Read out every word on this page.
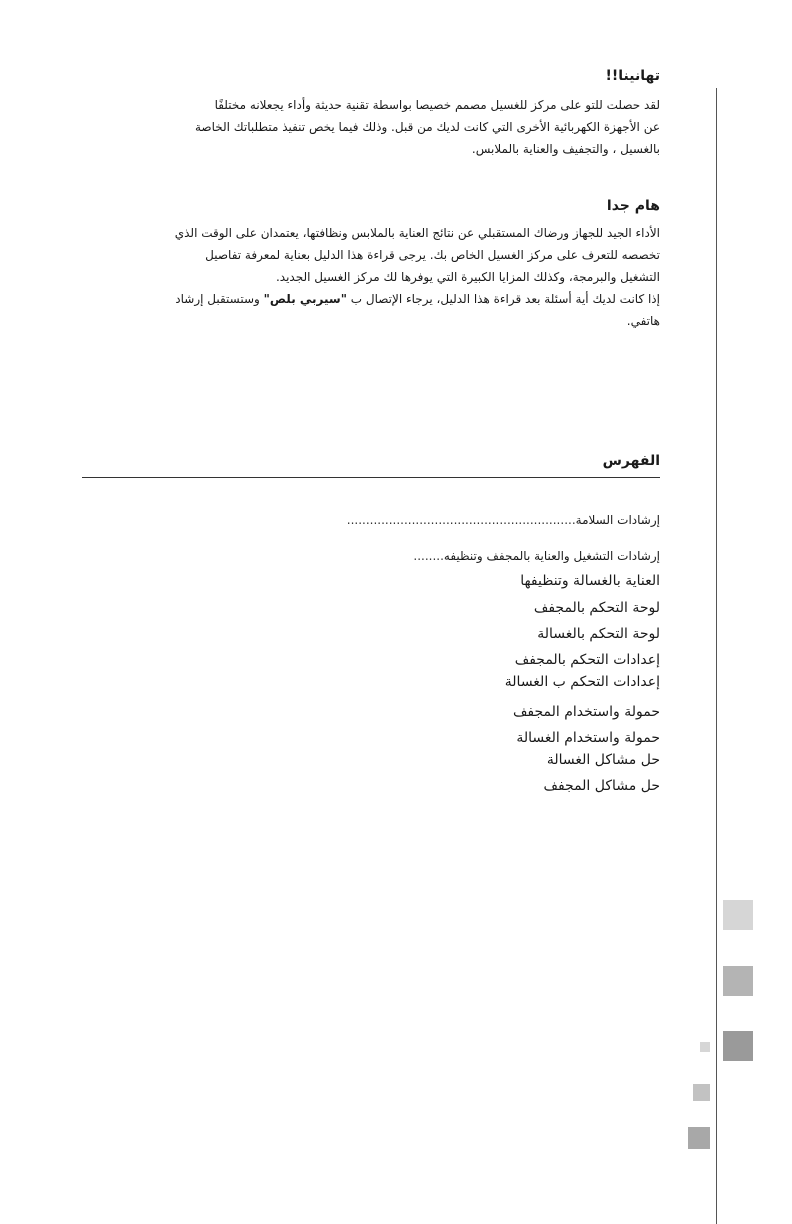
تهانينا!!

لقد حصلت للتو على مركز للغسيل مصمم خصيصا بواسطة تقنية حديثة وأداء يجعلانه مختلفًا

عن الأجهزة الكهربائية الأخرى التي كانت لديك من قبل. وذلك فيما يخص تنفيذ متطلباتك الخاصة

بالغسيل ، والتجفيف والعناية بالملابس.

هام جدا

الأداء الجيد للجهاز ورضاك المستقبلي عن نتائج العناية بالملابس ونظافتها، يعتمدان على الوقت الذي

تخصصه للتعرف على مركز الغسيل الخاص بك. يرجى قراءة هذا الدليل بعناية لمعرفة تفاصيل

التشغيل والبرمجة، وكذلك المزايا الكبيرة التي يوفرها لك مركز الغسيل الجديد.

إذا كانت لديك أية أسئلة بعد قراءة هذا الدليل، يرجاء الإتصال ب "سيربي بلص" وستستقبل إرشاد

هاتفي.

الفهرس
إرشادات السلامة............................................................
إرشادات التشغيل والعناية بالمجفف وتنظيفه........
العناية بالغسالة وتنظيفها
لوحة التحكم بالمجفف
لوحة التحكم بالغسالة
إعدادات التحكم بالمجفف
إعدادات التحكم ب الغسالة
حمولة واستخدام المجفف
حمولة واستخدام الغسالة
حل مشاكل الغسالة
حل مشاكل المجفف
